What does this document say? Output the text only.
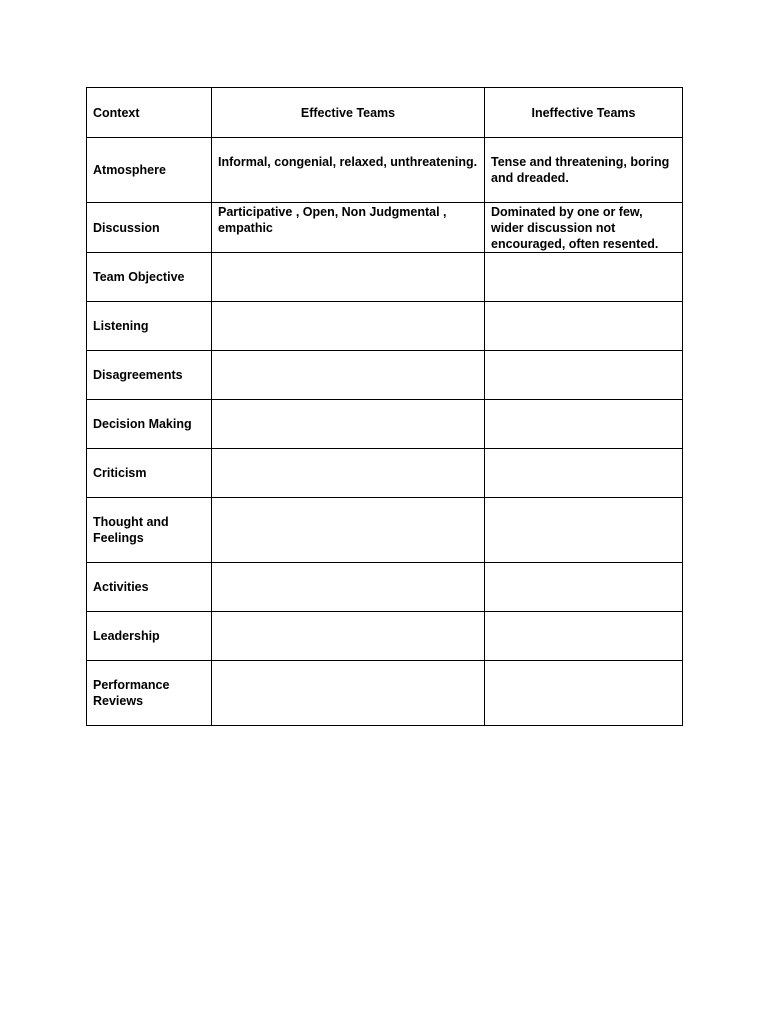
Context	Effective Teams	Ineffective Teams
Atmosphere	Informal, congenial, relaxed, unthreatening.	Tense and threatening, boring and dreaded.
Discussion	Participative , Open, Non Judgmental , empathic	Dominated by one or few, wider discussion not encouraged, often resented.
Team Objective		
Listening		
Disagreements		
Decision Making		
Criticism		
Thought and Feelings		
Activities		
Leadership		
Performance Reviews		
